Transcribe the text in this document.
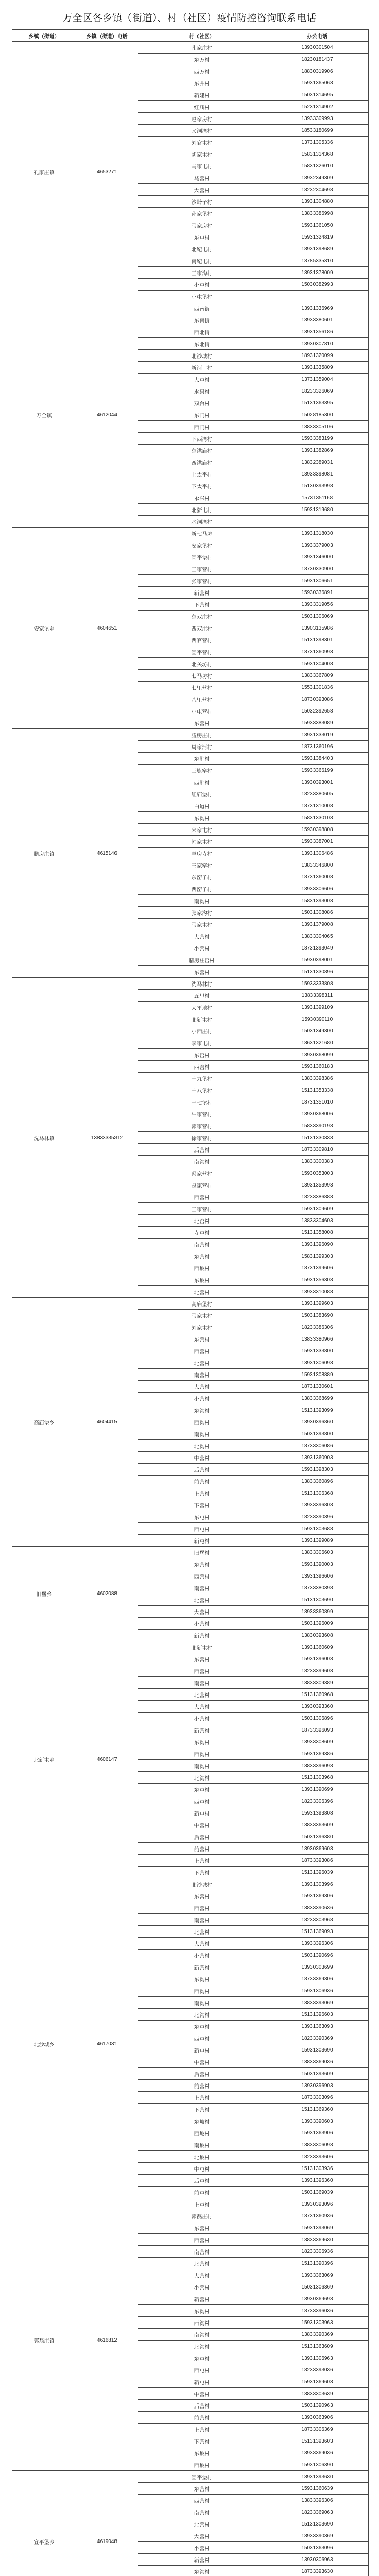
万全区各乡镇（街道）、村（社区）疫情防控咨询联系电话
乡镇（街道）	乡镇（街道）电话	村（社区）	办公电话
孔家庄镇	4653271	孔家庄村	13930301504
		东万村	18230181437
		西万村	18830319906
		东井村	15931365063
		新建村	15031314695
		红庙村	15231314902
		赵家房村	13933309993
		又洞湾村	18533180699
		刘官屯村	13731305336
		胡家屯村	15831314368
		马家屯村	15831326010
		马营村	18932349309
		大营村	18232304698
		沙岭子村	13931304880
		孙家堡村	13833386998
		马家房村	15931361050
		东屯村	15931324819
		北纪屯村	18931398689
		南纪屯村	13785335310
		王家沟村	13931378009
		小屯村	15030382993
		小屯堡村	
万全镇	4612044	西南街	13931336969
		东南街	13933380601
		西北街	13931356186
		东北街	13930307810
		北沙城村	18931320099
		新河口村	13931335809
		大屯村	13731359004
		水泉村	18233326069
		双台村	15131363395
		东闸村	15028185300
		西闸村	13833305106
		下西湾村	15933383199
		东洪庙村	13931382869
		西洪庙村	13832389031
		上太平村	13933398081
		下太平村	15130393998
		永兴村	15731351168
		北新屯村	15931319680
		水洞湾村	
安家堡乡	4604651	新七马坊	13931318030
		安家堡村	13933379003
		宣平堡村	13931346000
		王家营村	18730330900
		张家营村	15931306651
		新营村	15930336891
		下营村	13933319056
		东双庄村	15031306069
		西双庄村	13903135986
		西官营村	15131398301
		宣平营村	18731360993
		北关坊村	15931304008
		七马坊村	13833367809
		七里营村	15531301836
		八里营村	18730393086
		小屯营村	15032392658
		东营村	15933383089
膳房庄镇	4615146	膳房庄村	13931333019
		周家河村	18731360196
		东胜村	15931384403
		三旗窑村	15933366199
		西胜村	13930393001
		红庙堡村	18233380605
		白道村	18731310008
		东沟村	15831330103
		宋家屯村	15930398808
		韩家屯村	15933387001
		羊房寺村	13931306486
		王家窑村	13833346800
		东窑子村	18731360008
		西窑子村	13933306606
		南沟村	15831393003
		张家沟村	15031308086
		马家屯村	13931379008
		大营村	13833304065
		小营村	18731393049
		膳房庄窑村	15930398001
		东营村	15131330896
洗马林镇	13833335312	洗马林村	15933333808
		五里村	13833398311
		大平地村	13931399109
		北新屯村	15930390110
		小西庄村	15031349300
		李家屯村	18631321680
		东窑村	13930368099
		西窑村	15931360183
		十九堡村	13833398386
		十八堡村	15131353338
		十七堡村	18731351010
		牛家营村	13930368006
		郭家营村	15833390193
		徐家营村	15131330833
		后营村	18733309810
		南沟村	13833300383
		冯家营村	15930353003
		赵家营村	13931353993
		西营村	18233386883
		王家营村	15931309609
		北窑村	13833304603
		寺屯村	15131358008
		南营村	13931396090
		东营村	15831399303
		西坡村	18731399606
		东坡村	15931356303
		北营村	13933310088
高庙堡乡	4604415	高庙堡村	13931399603
		马家屯村	15031383690
		刘家屯村	18233386306
		东营村	13833380966
		西营村	15931333800
		北营村	13931306093
		南营村	15931308889
		大营村	18731330601
		小营村	13833368699
		东沟村	15131393099
		西沟村	13930396860
		南沟村	15031393800
		北沟村	18733306086
		中营村	13931360903
		后营村	15931398303
		前营村	13833360896
		上营村	15131306368
		下营村	13933396803
		东屯村	18233390396
		西屯村	15931303688
		新屯村	13931399089
旧堡乡	4602088	旧堡村	13833306603
		东营村	15931390003
		西营村	13931396606
		南营村	18733380398
		北营村	15131303690
		大营村	13933360899
		小营村	15031396009
		新营村	13830393608
北新屯乡	4606147	北新屯村	13931360609
		东营村	15931396003
		西营村	18233399603
		南营村	13833309389
		北营村	15131360968
		大营村	13930393360
		小营村	15031306896
		新营村	18733396093
		东沟村	13933308609
		西沟村	15931369386
		南沟村	13833396093
		北沟村	15131303968
		东屯村	13931390699
		西屯村	18233306396
		新屯村	15931393808
		中营村	13833363609
		后营村	15031396380
		前营村	13930369603
		上营村	18733393086
		下营村	15131396039
北沙城乡	4617031	北沙城村	13931303996
		东营村	15931369306
		西营村	13833390636
		南营村	18233303968
		北营村	15131369093
		大营村	13933396306
		小营村	15031390696
		新营村	13930303699
		东沟村	18733369306
		西沟村	15931306936
		南沟村	13833393069
		北沟村	15131396603
		东屯村	13931363093
		西屯村	18233390369
		新屯村	15931303690
		中营村	13833369036
		后营村	15031393609
		前营村	13930396903
		上营村	18733303096
		下营村	15131369360
		东坡村	13933390603
		西坡村	15931363906
		南坡村	13833306093
		北坡村	18233393606
		中屯村	15131303936
		后屯村	13931396360
		前屯村	15031369039
		上屯村	13930393096
郭磊庄镇	4616812	郭磊庄村	13731360936
		东营村	15931393069
		西营村	13833369630
		南营村	18233306936
		北营村	15131390396
		大营村	13933363069
		小营村	15031306369
		新营村	13930369693
		东沟村	18733396036
		西沟村	15931303963
		南沟村	13833390369
		北沟村	15131363609
		东屯村	13931306963
		西屯村	18233393036
		新屯村	15931369603
		中营村	13833303639
		后营村	15031390963
		前营村	13930363906
		上营村	18733306369
		下营村	15131393603
		东坡村	13933369036
		西坡村	15931306390
宣平堡乡	4619048	宣平堡村	13931393630
		东营村	15931360639
		西营村	13833396306
		南营村	18233369063
		北营村	15131303690
		大营村	13933390369
		小营村	15031363096
		新营村	13930306963
		东沟村	18733393630
